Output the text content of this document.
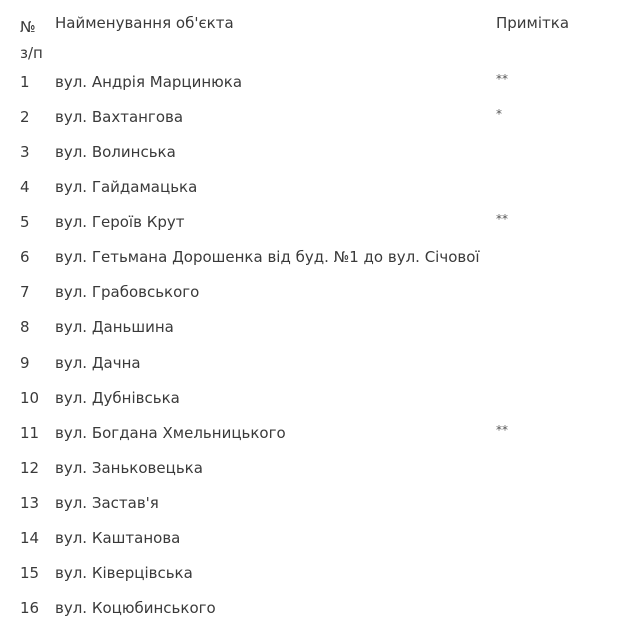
№
з/п
Найменування об'єкта	Примітка
1 вул. Андрія Марцинюка	**
2 вул. Вахтангова	*
3 вул. Волинська
4 вул. Гайдамацька
5 вул. Героїв Крут	**
6 вул. Гетьмана Дорошенка від буд. №1 до вул. Січової
7 вул. Грабовського
8 вул. Даньшина
9 вул. Дачна
10 вул. Дубнівська
11 вул. Богдана Хмельницького	**
12 вул. Заньковецька
13 вул. Застав'я
14 вул. Каштанова
15 вул. Ківерцівська
16 вул. Коцюбинського
